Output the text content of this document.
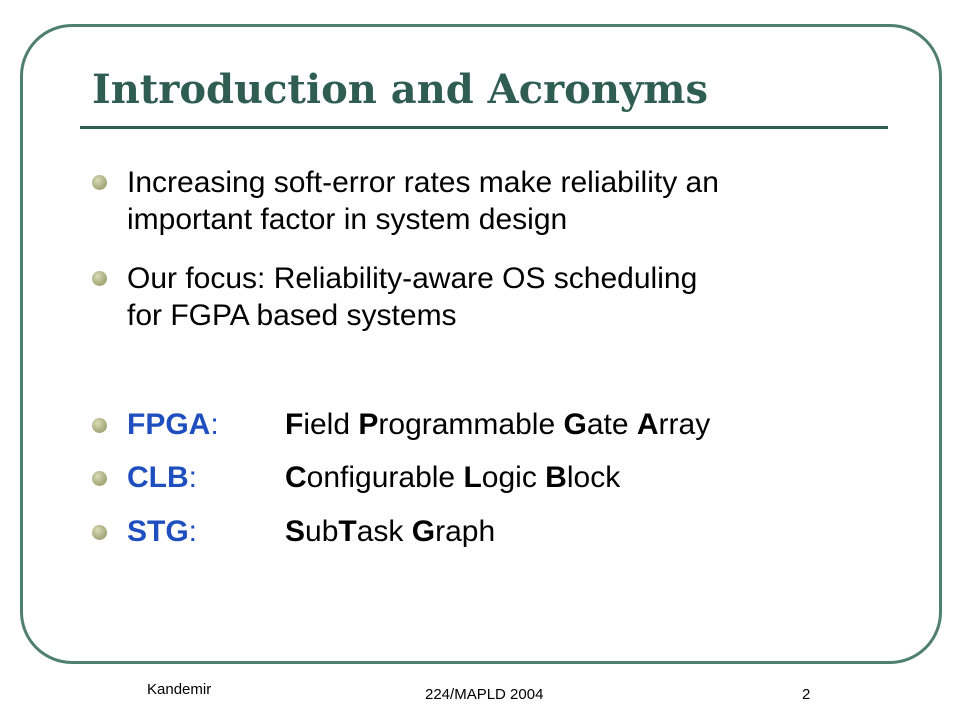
Introduction and Acronyms
Increasing soft-error rates make reliability an
important factor in system design
Our focus: Reliability-aware OS scheduling
for FGPA based systems
FPGA: Field Programmable Gate Array
CLB:	Configurable Logic Block
STG:	SubTask Graph
Kandemir	224/MAPLD 2004	2
